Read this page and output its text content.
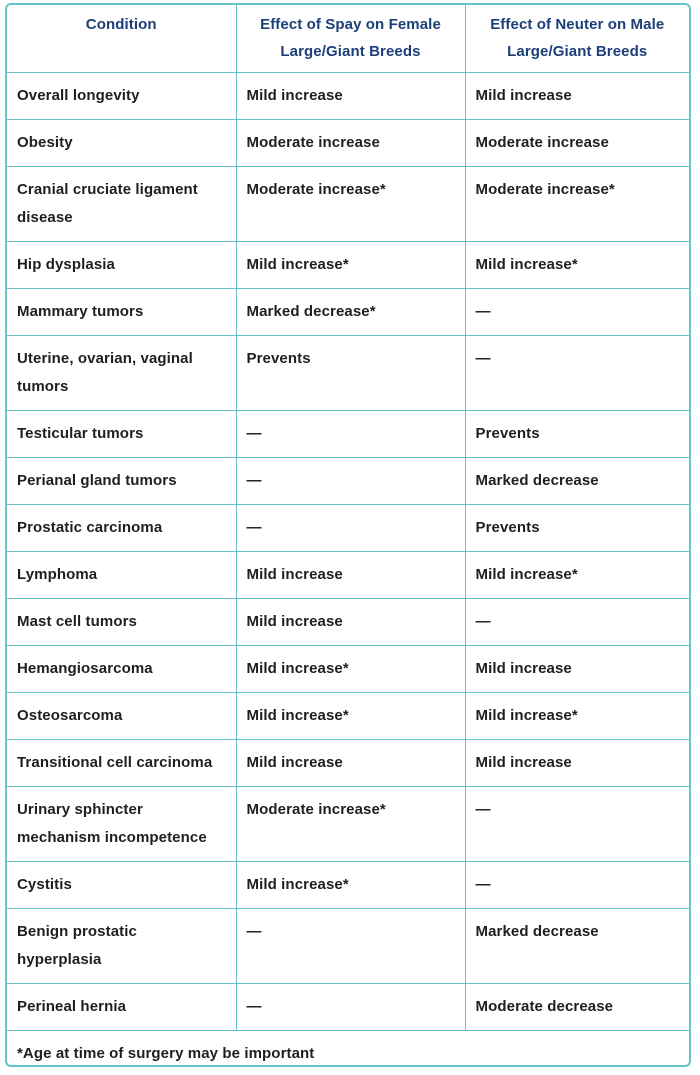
Condition	Effect of Spay on Female Large/Giant Breeds	Effect of Neuter on Male Large/Giant Breeds
Overall longevity	Mild increase	Mild increase
Obesity	Moderate increase	Moderate increase
Cranial cruciate ligament disease	Moderate increase*	Moderate increase*
Hip dysplasia	Mild increase*	Mild increase*
Mammary tumors	Marked decrease*	—
Uterine, ovarian, vaginal tumors	Prevents	—
Testicular tumors	—	Prevents
Perianal gland tumors	—	Marked decrease
Prostatic carcinoma	—	Prevents
Lymphoma	Mild increase	Mild increase*
Mast cell tumors	Mild increase	—
Hemangiosarcoma	Mild increase*	Mild increase
Osteosarcoma	Mild increase*	Mild increase*
Transitional cell carcinoma	Mild increase	Mild increase
Urinary sphincter mechanism incompetence	Moderate increase*	—
Cystitis	Mild increase*	—
Benign prostatic hyperplasia	—	Marked decrease
Perineal hernia	—	Moderate decrease
*Age at time of surgery may be important		
